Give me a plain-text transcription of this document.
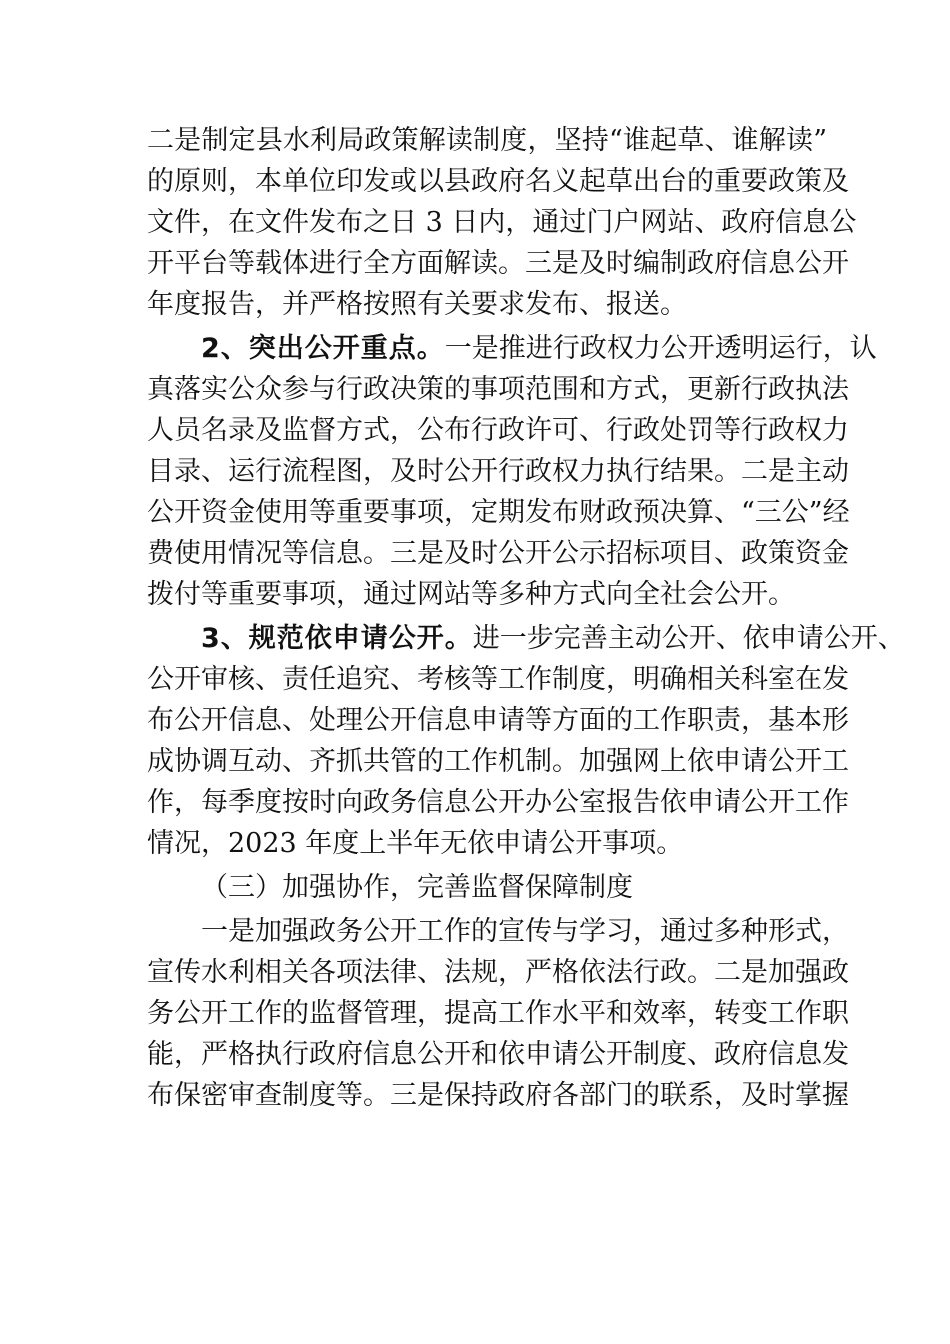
二是制定县水利局政策解读制度，坚持“谁起草、谁解读”
的原则，本单位印发或以县政府名义起草出台的重要政策及
文件，在文件发布之日 3 日内，通过门户网站、政府信息公
开平台等载体进行全方面解读。三是及时编制政府信息公开
年度报告，并严格按照有关要求发布、报送。
2、突出公开重点。一是推进行政权力公开透明运行，认
真落实公众参与行政决策的事项范围和方式，更新行政执法
人员名录及监督方式，公布行政许可、行政处罚等行政权力
目录、运行流程图，及时公开行政权力执行结果。二是主动
公开资金使用等重要事项，定期发布财政预决算、“三公”经
费使用情况等信息。三是及时公开公示招标项目、政策资金
拨付等重要事项，通过网站等多种方式向全社会公开。
3、规范依申请公开。进一步完善主动公开、依申请公开、
公开审核、责任追究、考核等工作制度，明确相关科室在发
布公开信息、处理公开信息申请等方面的工作职责，基本形
成协调互动、齐抓共管的工作机制。加强网上依申请公开工
作，每季度按时向政务信息公开办公室报告依申请公开工作
情况，2023 年度上半年无依申请公开事项。
（三）加强协作，完善监督保障制度
一是加强政务公开工作的宣传与学习，通过多种形式，
宣传水利相关各项法律、法规，严格依法行政。二是加强政
务公开工作的监督管理，提高工作水平和效率，转变工作职
能，严格执行政府信息公开和依申请公开制度、政府信息发
布保密审查制度等。三是保持政府各部门的联系，及时掌握
